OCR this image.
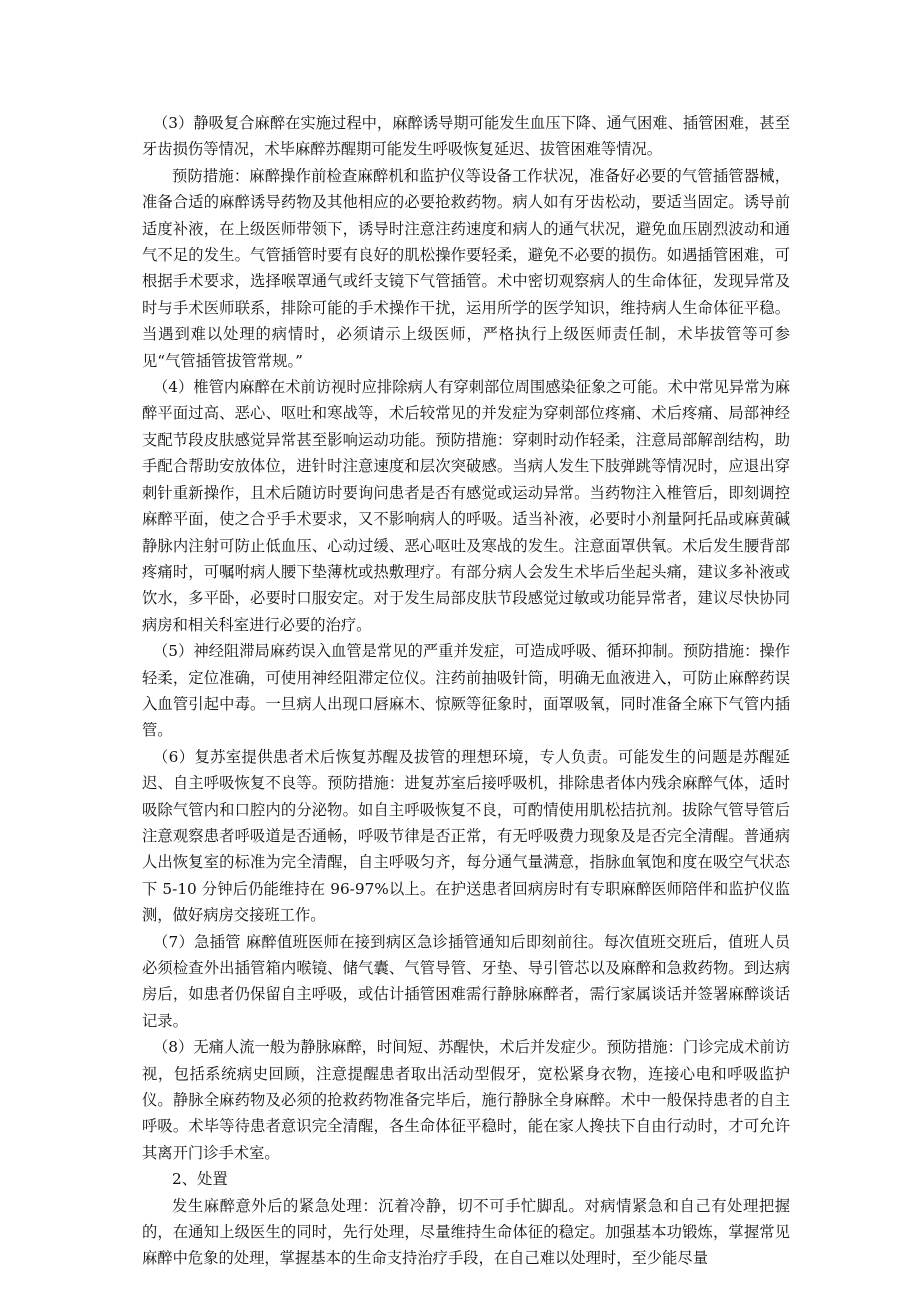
（3）静吸复合麻醉在实施过程中，麻醉诱导期可能发生血压下降、通气困难、插管困难，甚至牙齿损伤等情况，术毕麻醉苏醒期可能发生呼吸恢复延迟、拔管困难等情况。

预防措施：麻醉操作前检查麻醉机和监护仪等设备工作状况，准备好必要的气管插管器械，准备合适的麻醉诱导药物及其他相应的必要抢救药物。病人如有牙齿松动，要适当固定。诱导前适度补液，在上级医师带领下，诱导时注意注药速度和病人的通气状况，避免血压剧烈波动和通气不足的发生。气管插管时要有良好的肌松操作要轻柔，避免不必要的损伤。如遇插管困难，可根据手术要求，选择喉罩通气或纤支镜下气管插管。术中密切观察病人的生命体征，发现异常及时与手术医师联系，排除可能的手术操作干扰，运用所学的医学知识，维持病人生命体征平稳。当遇到难以处理的病情时，必须请示上级医师，严格执行上级医师责任制，术毕拔管等可参见“气管插管拔管常规。”

（4）椎管内麻醉在术前访视时应排除病人有穿刺部位周围感染征象之可能。术中常见异常为麻醉平面过高、恶心、呕吐和寒战等，术后较常见的并发症为穿刺部位疼痛、术后疼痛、局部神经支配节段皮肤感觉异常甚至影响运动功能。预防措施：穿刺时动作轻柔，注意局部解剖结构，助手配合帮助安放体位，进针时注意速度和层次突破感。当病人发生下肢弹跳等情况时，应退出穿刺针重新操作，且术后随访时要询问患者是否有感觉或运动异常。当药物注入椎管后，即刻调控麻醉平面，使之合乎手术要求，又不影响病人的呼吸。适当补液，必要时小剂量阿托品或麻黄碱静脉内注射可防止低血压、心动过缓、恶心呕吐及寒战的发生。注意面罩供氧。术后发生腰背部疼痛时，可嘱咐病人腰下垫薄枕或热敷理疗。有部分病人会发生术毕后坐起头痛，建议多补液或饮水，多平卧，必要时口服安定。对于发生局部皮肤节段感觉过敏或功能异常者，建议尽快协同病房和相关科室进行必要的治疗。

（5）神经阻滞局麻药误入血管是常见的严重并发症，可造成呼吸、循环抑制。预防措施：操作轻柔，定位准确，可使用神经阻滞定位仪。注药前抽吸针筒，明确无血液进入，可防止麻醉药误入血管引起中毒。一旦病人出现口唇麻木、惊厥等征象时，面罩吸氧，同时准备全麻下气管内插管。

（6）复苏室提供患者术后恢复苏醒及拔管的理想环境，专人负责。可能发生的问题是苏醒延迟、自主呼吸恢复不良等。预防措施：进复苏室后接呼吸机，排除患者体内残余麻醉气体，适时吸除气管内和口腔内的分泌物。如自主呼吸恢复不良，可酌情使用肌松拮抗剂。拔除气管导管后注意观察患者呼吸道是否通畅，呼吸节律是否正常，有无呼吸费力现象及是否完全清醒。普通病人出恢复室的标准为完全清醒，自主呼吸匀齐，每分通气量满意，指脉血氧饱和度在吸空气状态下 5-10 分钟后仍能维持在 96-97%以上。在护送患者回病房时有专职麻醉医师陪伴和监护仪监测，做好病房交接班工作。

（7）急插管 麻醉值班医师在接到病区急诊插管通知后即刻前往。每次值班交班后，值班人员必须检查外出插管箱内喉镜、储气囊、气管导管、牙垫、导引管芯以及麻醉和急救药物。到达病房后，如患者仍保留自主呼吸，或估计插管困难需行静脉麻醉者，需行家属谈话并签署麻醉谈话记录。

（8）无痛人流一般为静脉麻醉，时间短、苏醒快，术后并发症少。预防措施：门诊完成术前访视，包括系统病史回顾，注意提醒患者取出活动型假牙，宽松紧身衣物，连接心电和呼吸监护仪。静脉全麻药物及必须的抢救药物准备完毕后，施行静脉全身麻醉。术中一般保持患者的自主呼吸。术毕等待患者意识完全清醒，各生命体征平稳时，能在家人搀扶下自由行动时，才可允许其离开门诊手术室。

2、处置

发生麻醉意外后的紧急处理：沉着冷静，切不可手忙脚乱。对病情紧急和自己有处理把握的，在通知上级医生的同时，先行处理，尽量维持生命体征的稳定。加强基本功锻炼，掌握常见麻醉中危象的处理，掌握基本的生命支持治疗手段，在自己难以处理时，至少能尽量
